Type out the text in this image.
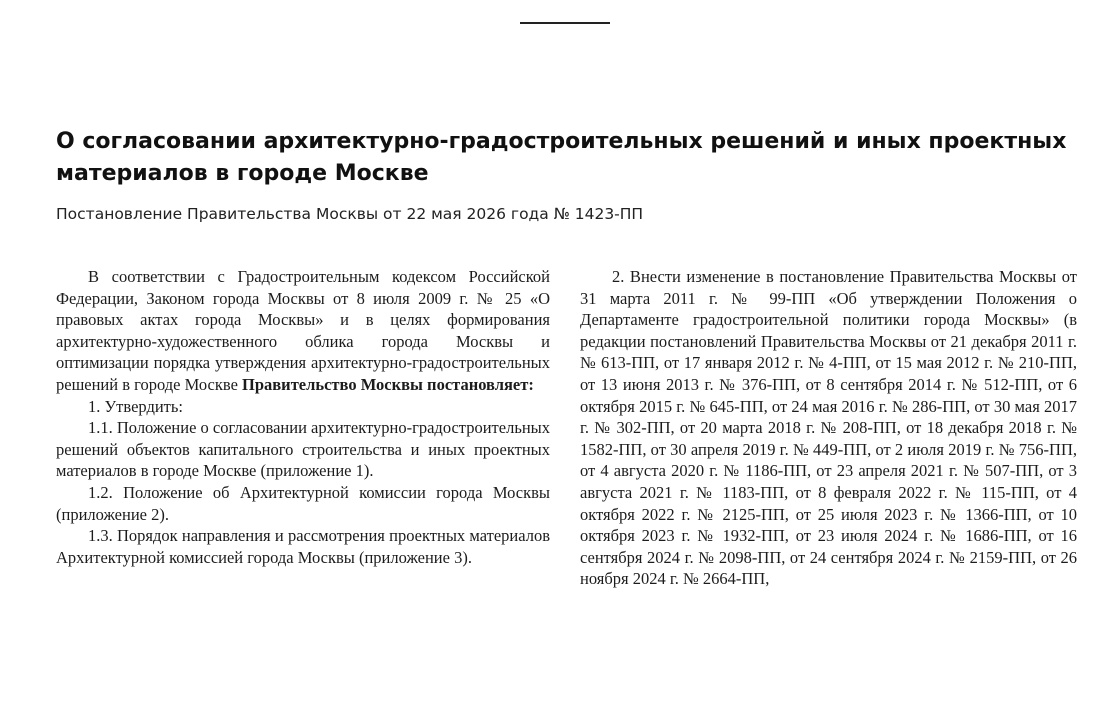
О согласовании архитектурно-градостроительных решений и иных проектных материалов в городе Москве
Постановление Правительства Москвы от 22 мая 2026 года № 1423-ПП

В соответствии с Градостроительным кодексом Российской Федерации, Законом города Москвы от 8 июля 2009 г. № 25 «О правовых актах города Москвы» и в целях формирования архитектурно-художественного облика города Москвы и оптимизации порядка утверждения архитектурно-градостроительных решений в городе Москве Правительство Москвы постановляет:

1. Утвердить:

1.1. Положение о согласовании архитектурно-градостроительных решений объектов капитального строительства и иных проектных материалов в городе Москве (приложение 1).

1.2. Положение об Архитектурной комиссии города Москвы (приложение 2).

1.3. Порядок направления и рассмотрения проектных материалов Архитектурной комиссией города Москвы (приложение 3).

2. Внести изменение в постановление Правительства Москвы от 31 марта 2011 г. № 99-ПП «Об утверждении Положения о Департаменте градостроительной политики города Москвы» (в редакции постановлений Правительства Москвы от 21 декабря 2011 г. № 613-ПП, от 17 января 2012 г. № 4-ПП, от 15 мая 2012 г. № 210-ПП, от 13 июня 2013 г. № 376-ПП, от 8 сентября 2014 г. № 512-ПП, от 6 октября 2015 г. № 645-ПП, от 24 мая 2016 г. № 286-ПП, от 30 мая 2017 г. № 302-ПП, от 20 марта 2018 г. № 208-ПП, от 18 декабря 2018 г. № 1582-ПП, от 30 апреля 2019 г. № 449-ПП, от 2 июля 2019 г. № 756-ПП, от 4 августа 2020 г. № 1186-ПП, от 23 апреля 2021 г. № 507-ПП, от 3 августа 2021 г. № 1183-ПП, от 8 февраля 2022 г. № 115-ПП, от 4 октября 2022 г. № 2125-ПП, от 25 июля 2023 г. № 1366-ПП, от 10 октября 2023 г. № 1932-ПП, от 23 июля 2024 г. № 1686-ПП, от 16 сентября 2024 г. № 2098-ПП, от 24 сентября 2024 г. № 2159-ПП, от 26 ноября 2024 г. № 2664-ПП,
